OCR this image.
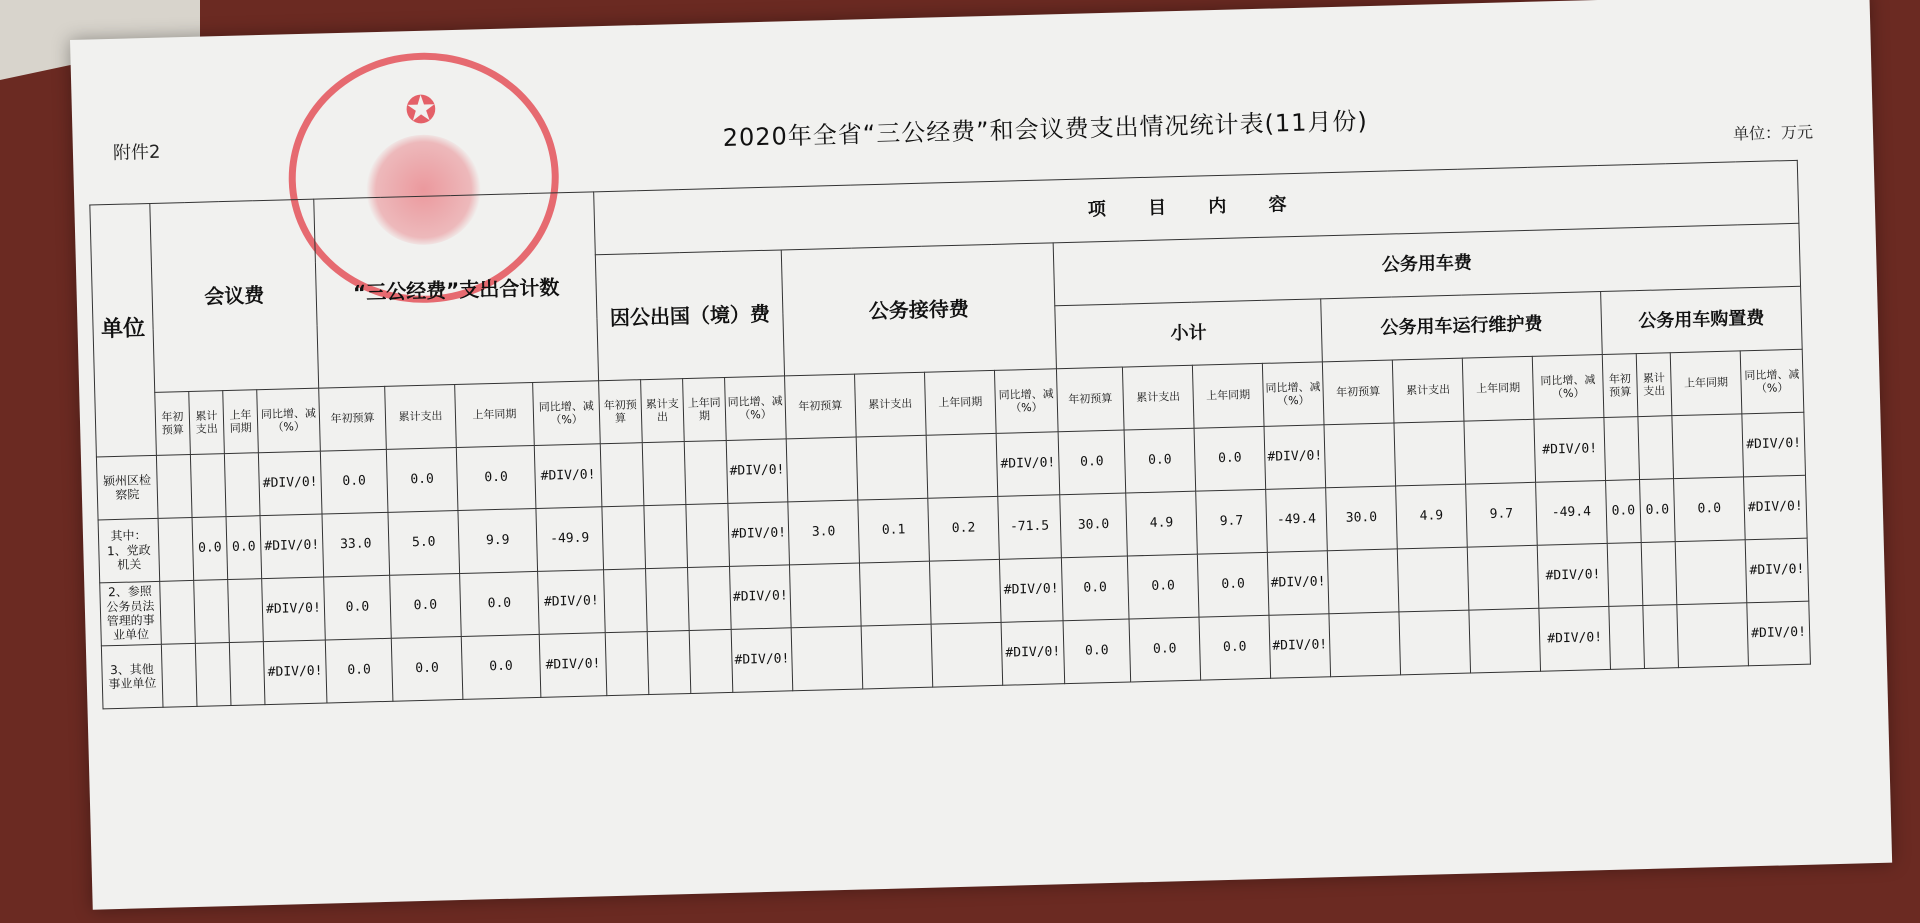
附件2
2020年全省“三公经费”和会议费支出情况统计表(11月份)	单位：万元
✪
单位	会议费				“三公经费”支出合计数				项 目 内 容																			
									因公出国（境）费				公务接待费				公务用车费											
																	小计				公务用车运行维护费				公务用车购置费			
	年初预算	累计支出	上年同期	同比增、减（%）	年初预算	累计支出	上年同期	同比增、减（%）	年初预算	累计支出	上年同期	同比增、减（%）	年初预算	累计支出	上年同期	同比增、减（%）	年初预算	累计支出	上年同期	同比增、减（%）	年初预算	累计支出	上年同期	同比增、减（%）	年初预算	累计支出	上年同期	同比增、减（%）
颍州区检察院				#DIV/0!	0.0	0.0	0.0	#DIV/0!				#DIV/0!				#DIV/0!	0.0	0.0	0.0	#DIV/0!				#DIV/0!				#DIV/0!
其中：1、党政机关		0.0	0.0	#DIV/0!	33.0	5.0	9.9	-49.9				#DIV/0!	3.0	0.1	0.2	-71.5	30.0	4.9	9.7	-49.4	30.0	4.9	9.7	-49.4	0.0	0.0	0.0	#DIV/0!
2、参照公务员法管理的事业单位				#DIV/0!	0.0	0.0	0.0	#DIV/0!				#DIV/0!				#DIV/0!	0.0	0.0	0.0	#DIV/0!				#DIV/0!				#DIV/0!
3、其他事业单位				#DIV/0!	0.0	0.0	0.0	#DIV/0!				#DIV/0!				#DIV/0!	0.0	0.0	0.0	#DIV/0!				#DIV/0!				#DIV/0!
